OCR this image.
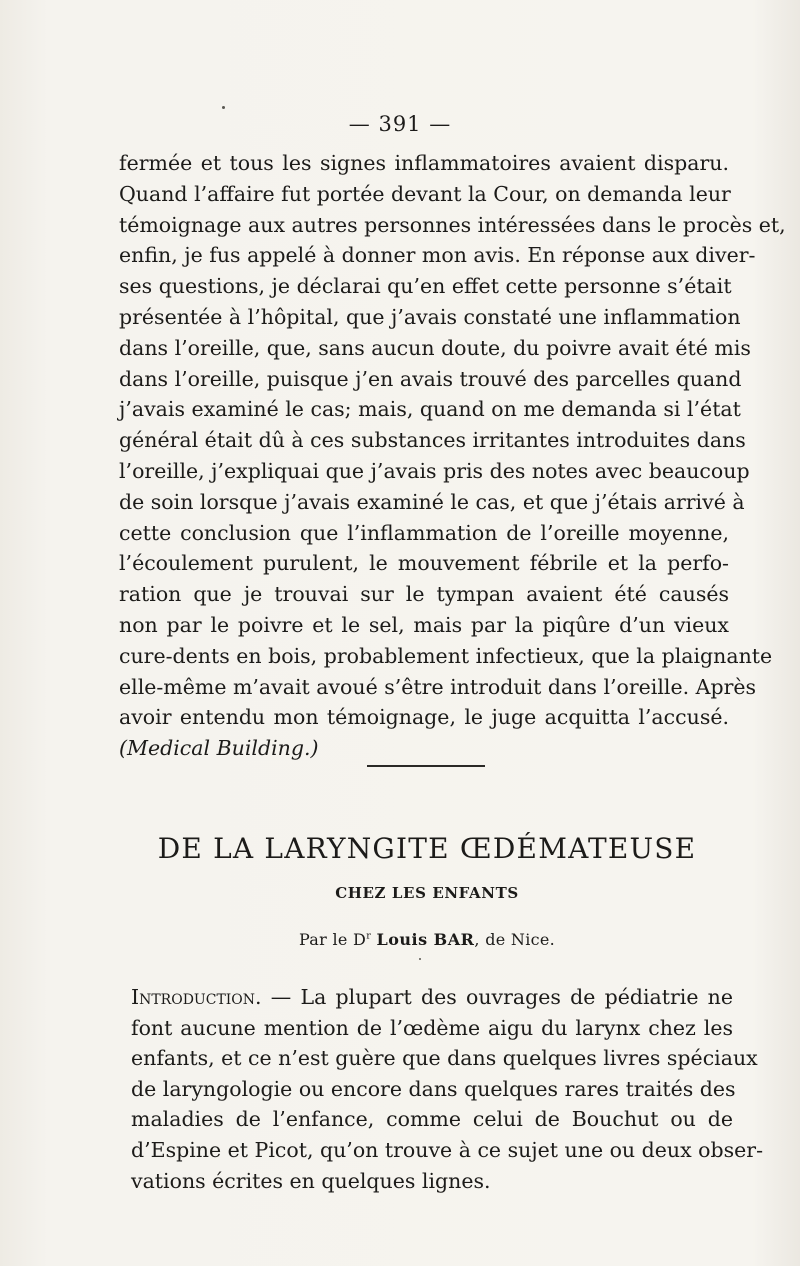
— 391 —
fermée et tous les signes inflammatoires avaient disparu.
Quand l’affaire fut portée devant la Cour, on demanda leur
témoignage aux autres personnes intéressées dans le procès et,
enfin, je fus appelé à donner mon avis. En réponse aux diver-
ses questions, je déclarai qu’en effet cette personne s’était
présentée à l’hôpital, que j’avais constaté une inflammation
dans l’oreille, que, sans aucun doute, du poivre avait été mis
dans l’oreille, puisque j’en avais trouvé des parcelles quand
j’avais examiné le cas; mais, quand on me demanda si l’état
général était dû à ces substances irritantes introduites dans
l’oreille, j’expliquai que j’avais pris des notes avec beaucoup
de soin lorsque j’avais examiné le cas, et que j’étais arrivé à
cette conclusion que l’inflammation de l’oreille moyenne,
l’écoulement purulent, le mouvement fébrile et la perfo-
ration que je trouvai sur le tympan avaient été causés
non par le poivre et le sel, mais par la piqûre d’un vieux
cure-dents en bois, probablement infectieux, que la plaignante
elle-même m’avait avoué s’être introduit dans l’oreille. Après
avoir entendu mon témoignage, le juge acquitta l’accusé.
(Medical Building.)
DE LA LARYNGITE ŒDÉMATEUSE
CHEZ LES ENFANTS
Par le $D^r$ Louis BAR, de Nice.
Introduction. — La plupart des ouvrages de pédiatrie ne
font aucune mention de l’œdème aigu du larynx chez les
enfants, et ce n’est guère que dans quelques livres spéciaux
de laryngologie ou encore dans quelques rares traités des
maladies de l’enfance, comme celui de Bouchut ou de
d’Espine et Picot, qu’on trouve à ce sujet une ou deux obser-
vations écrites en quelques lignes.
